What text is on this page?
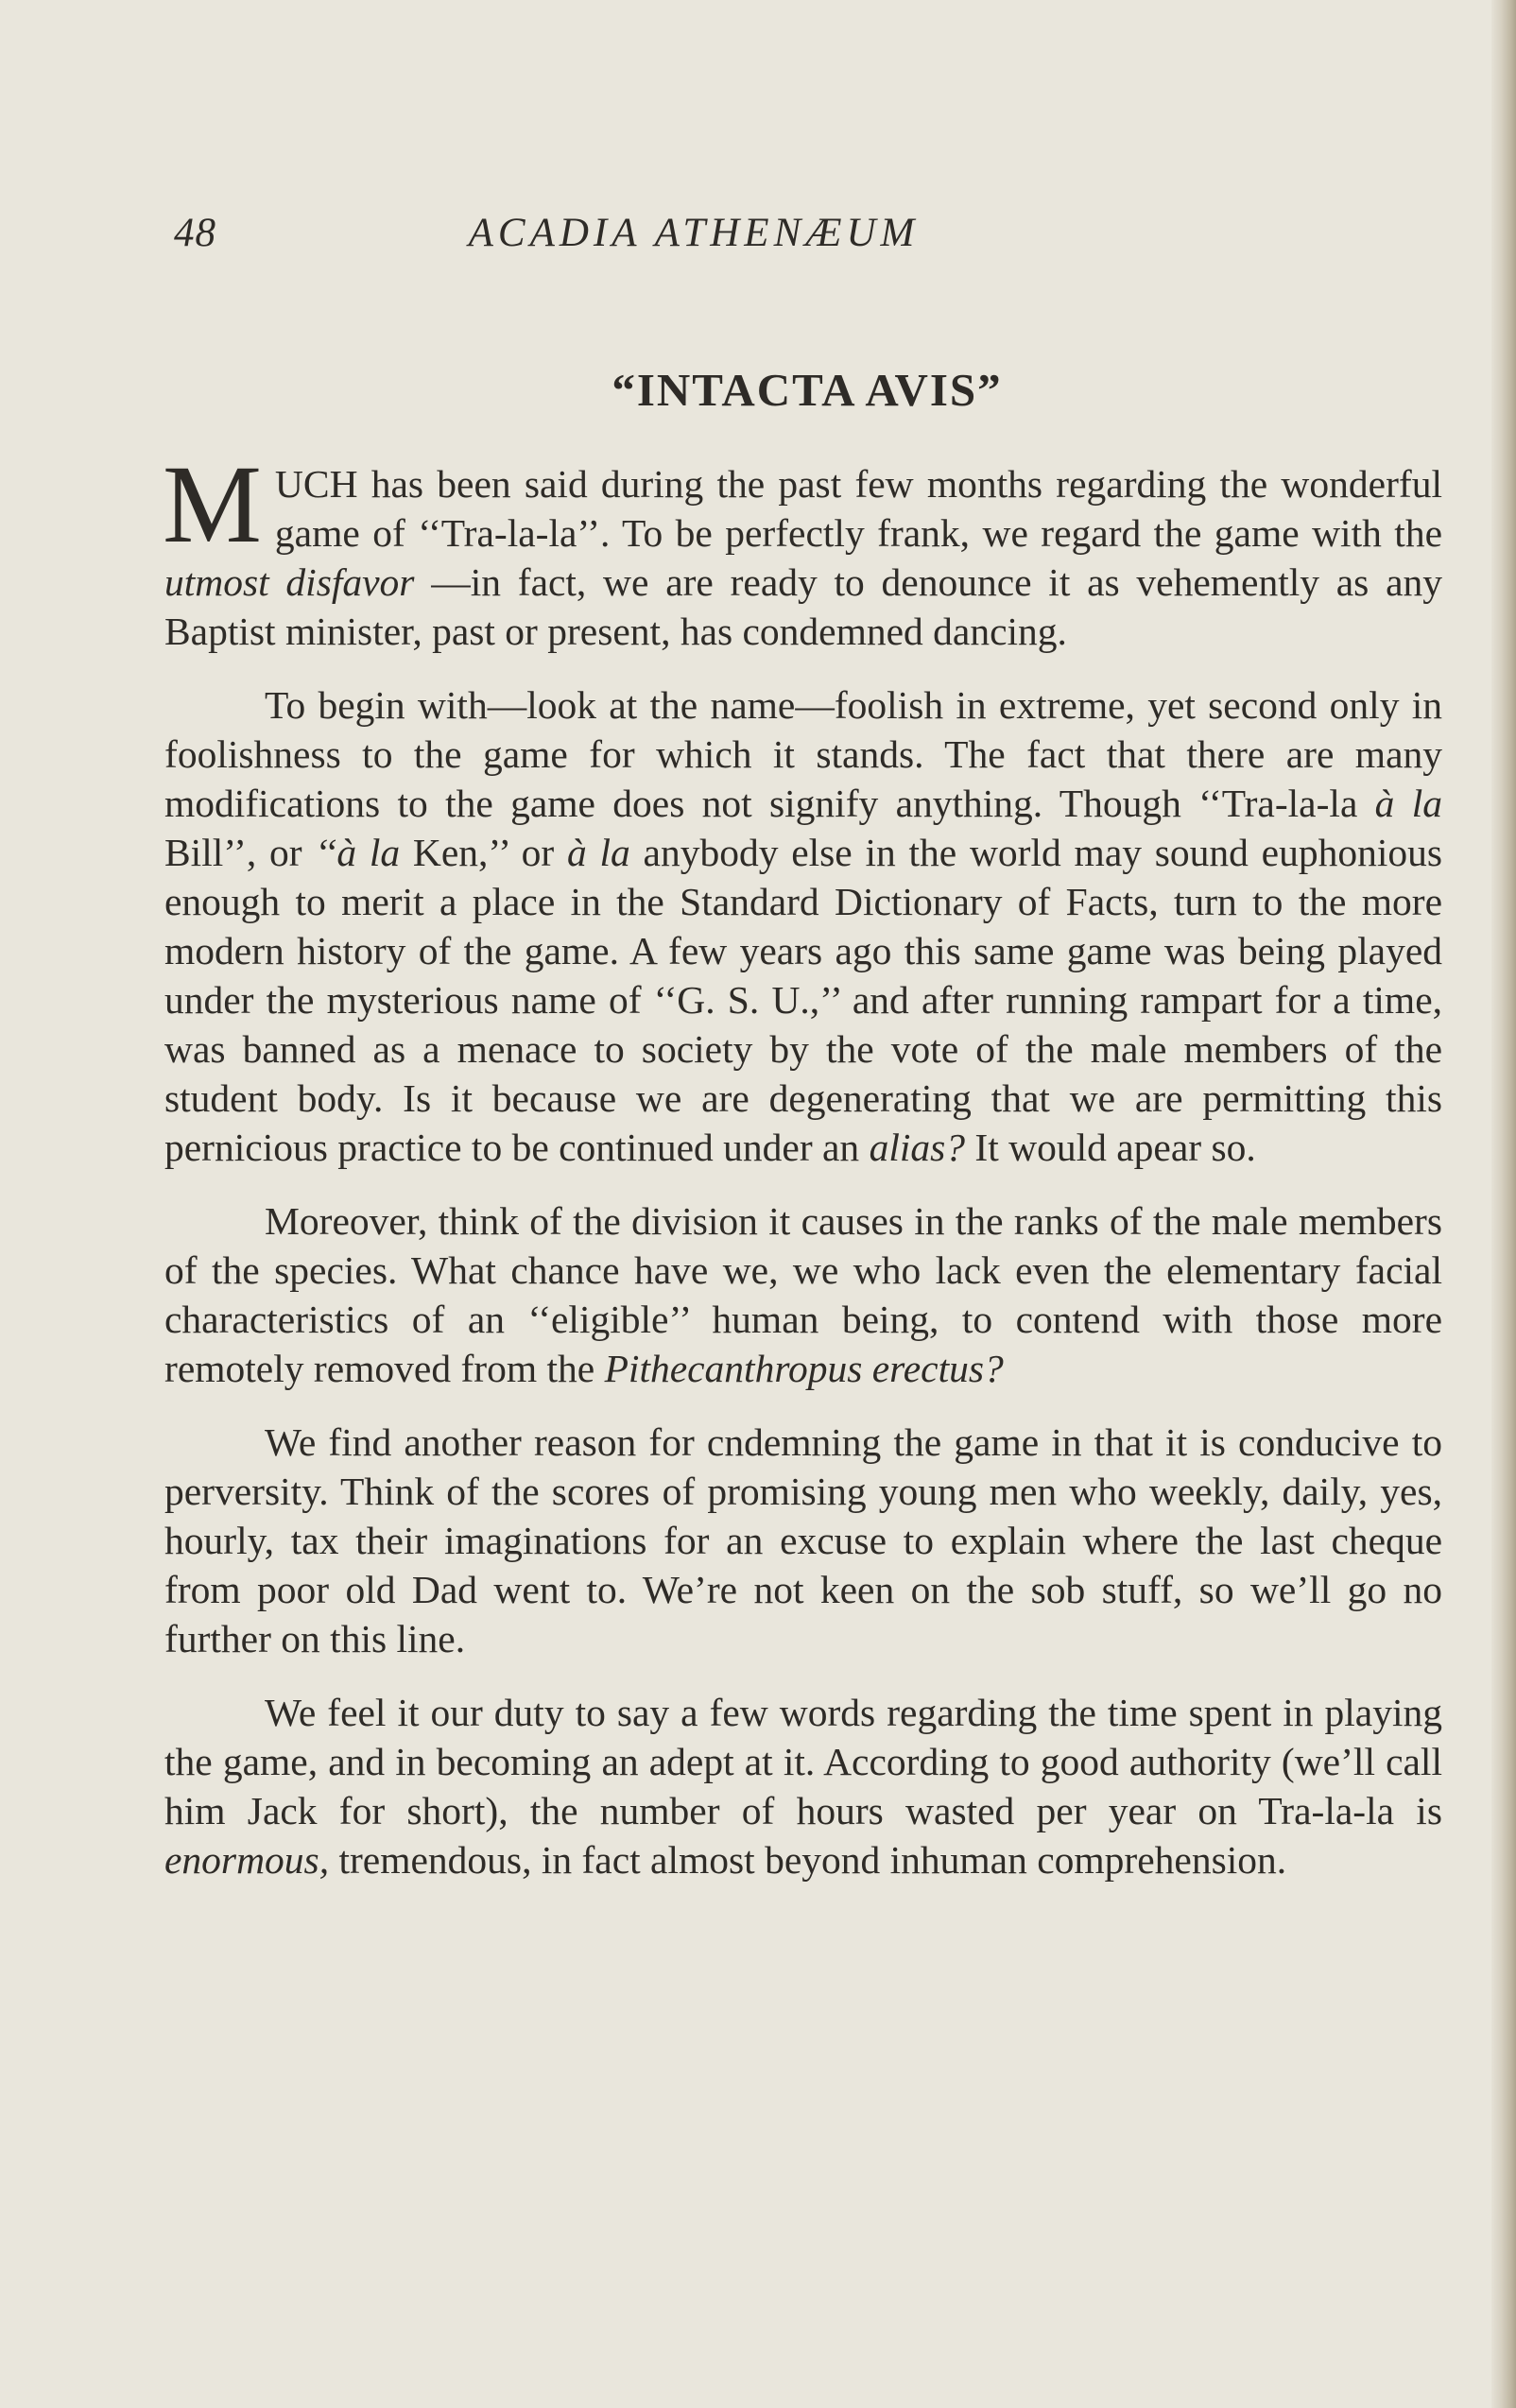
48	ACADIA ATHENÆUM
“INTACTA AVIS”

M UCH has been said during the past few months regarding the wonderful game of ‘‘Tra-la-la’’. To be perfectly frank, we regard the game with the utmost disfavor —in fact, we are ready to denounce it as vehemently as any Baptist minister, past or present, has condemned dancing.

To begin with—look at the name—foolish in extreme, yet second only in foolishness to the game for which it stands. The fact that there are many modifications to the game does not signify anything. Though ‘‘Tra-la-la à la Bill’’, or ‘‘à la Ken,’’ or à la anybody else in the world may sound euphonious enough to merit a place in the Standard Dictionary of Facts, turn to the more modern history of the game. A few years ago this same game was being played under the mysterious name of ‘‘G. S. U.,’’ and after running rampart for a time, was banned as a menace to society by the vote of the male members of the student body. Is it because we are degenerating that we are permitting this pernicious practice to be continued under an alias? It would apear so.

Moreover, think of the division it causes in the ranks of the male members of the species. What chance have we, we who lack even the elementary facial characteristics of an ‘‘eligible’’ human being, to contend with those more remotely removed from the Pithecanthropus erectus?

We find another reason for cndemning the game in that it is conducive to perversity. Think of the scores of promising young men who weekly, daily, yes, hourly, tax their imaginations for an excuse to explain where the last cheque from poor old Dad went to. We’re not keen on the sob stuff, so we’ll go no further on this line.

We feel it our duty to say a few words regarding the time spent in playing the game, and in becoming an adept at it. According to good authority (we’ll call him Jack for short), the number of hours wasted per year on Tra-la-la is enormous, tremendous, in fact almost beyond inhuman comprehension.
